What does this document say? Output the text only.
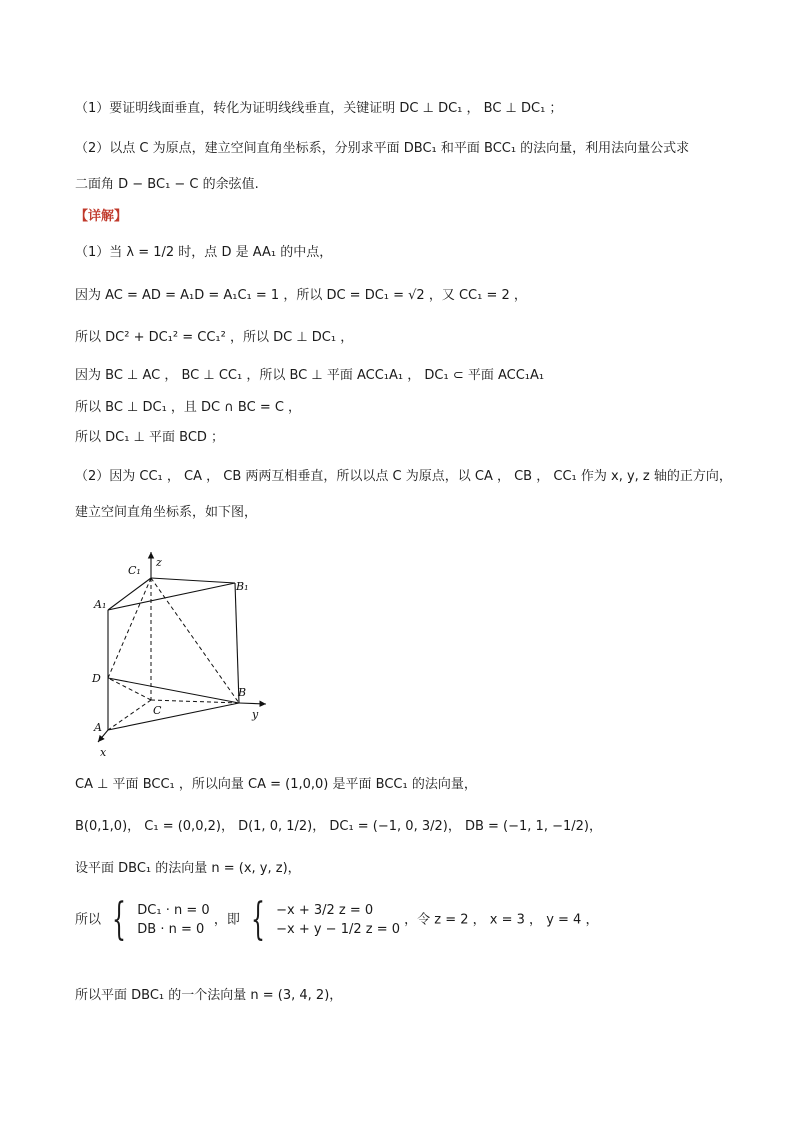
（1）要证明线面垂直，转化为证明线线垂直，关键证明 DC ⊥ DC₁ ， BC ⊥ DC₁ ；
（2）以点 C 为原点，建立空间直角坐标系，分别求平面 DBC₁ 和平面 BCC₁ 的法向量，利用法向量公式求
二面角 D − BC₁ − C 的余弦值.
【详解】
（1）当 λ = 1/2 时，点 D 是 AA₁ 的中点，
因为 AC = AD = A₁D = A₁C₁ = 1 ，所以 DC = DC₁ = √2 ，又 CC₁ = 2 ，
所以 DC² + DC₁² = CC₁² ，所以 DC ⊥ DC₁ ，
因为 BC ⊥ AC ， BC ⊥ CC₁ ，所以 BC ⊥ 平面 ACC₁A₁ ， DC₁ ⊂ 平面 ACC₁A₁
所以 BC ⊥ DC₁ ，且 DC ∩ BC = C ，
所以 DC₁ ⊥ 平面 BCD ；
（2）因为 CC₁ ， CA ， CB 两两互相垂直，所以以点 C 为原点，以 CA ， CB ， CC₁ 作为 x, y, z 轴的正方向，
建立空间直角坐标系，如下图，
C₁
z
B₁
A₁
D
B
C	y
A
x
CA ⊥ 平面 BCC₁ ，所以向量 CA = (1,0,0) 是平面 BCC₁ 的法向量，
B(0,1,0)， C₁ = (0,0,2)， D(1, 0, 1/2)， DC₁ = (−1, 0, 3/2)， DB = (−1, 1, −1/2)，
设平面 DBC₁ 的法向量 n = (x, y, z)，
所以 { DC₁ · n = 0
DB · n = 0
，即 { −x + 3/2 z = 0
−x + y − 1/2 z = 0
，令 z = 2 ， x = 3 ， y = 4 ，
所以平面 DBC₁ 的一个法向量 n = (3, 4, 2)，
